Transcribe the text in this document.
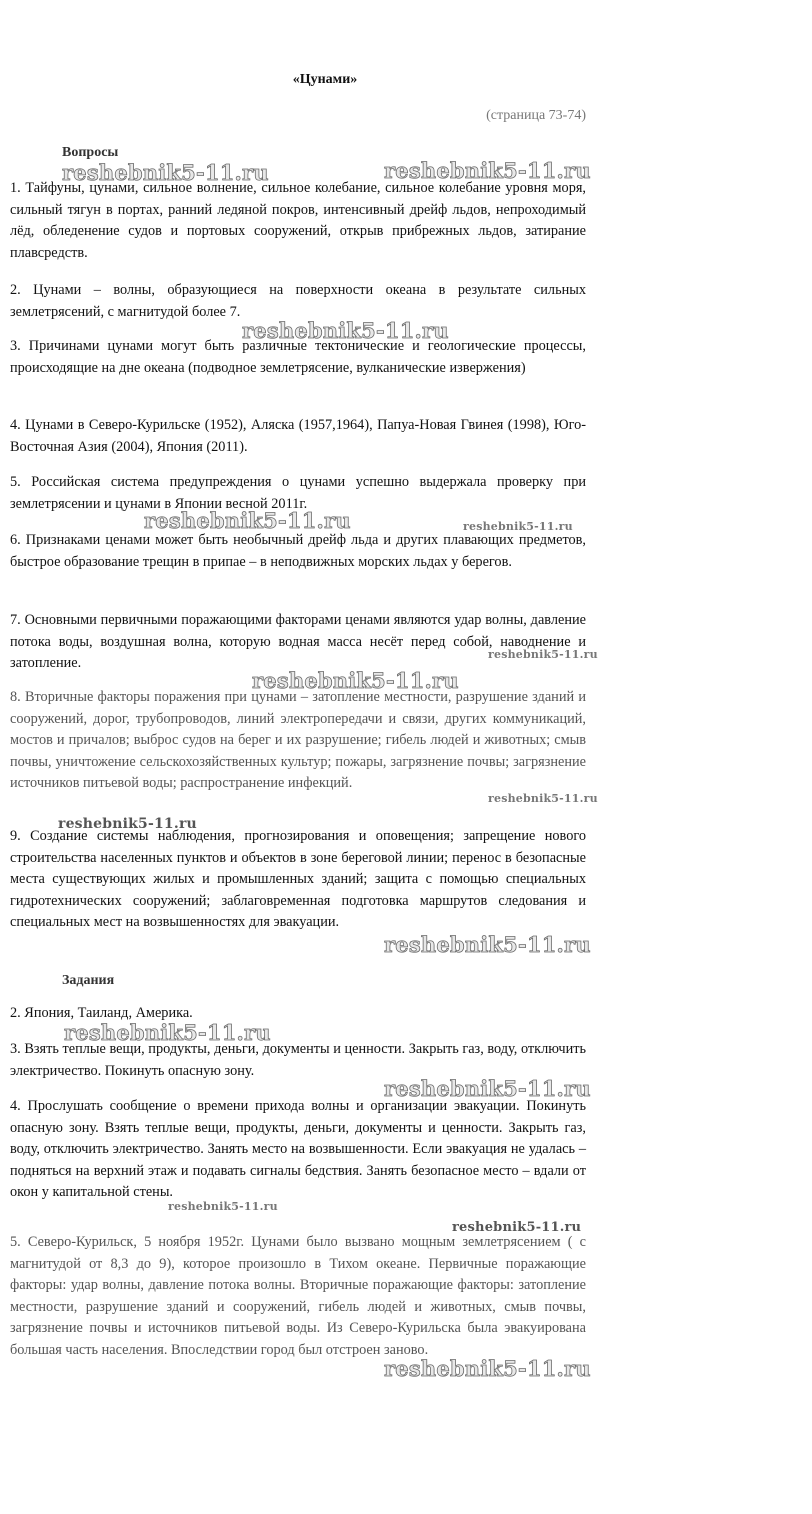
«Цунами»
(страница 73-74)
Вопросы

1. Тайфуны, цунами, сильное волнение, сильное колебание, сильное колебание уровня моря, сильный тягун в портах, ранний ледяной покров, интенсивный дрейф льдов, непроходимый лёд, обледенение судов и портовых сооружений, открыв прибрежных льдов, затирание плавсредств.

2. Цунами – волны, образующиеся на поверхности океана в результате сильных землетрясений, с магнитудой более 7.

3. Причинами цунами могут быть различные тектонические и геологические процессы, происходящие на дне океана (подводное землетрясение, вулканические извержения)

4. Цунами в Северо-Курильске (1952), Аляска (1957,1964), Папуа-Новая Гвинея (1998), Юго-Восточная Азия (2004), Япония (2011).

5. Российская система предупреждения о цунами успешно выдержала проверку при землетрясении и цунами в Японии весной 2011г.

6. Признаками ценами может быть необычный дрейф льда и других плавающих предметов, быстрое образование трещин в припае – в неподвижных морских льдах у берегов.

7. Основными первичными поражающими факторами ценами являются удар волны, давление потока воды, воздушная волна, которую водная масса несёт перед собой, наводнение и затопление.

8. Вторичные факторы поражения при цунами – затопление местности, разрушение зданий и сооружений, дорог, трубопроводов, линий электропередачи и связи, других коммуникаций, мостов и причалов; выброс судов на берег и их разрушение; гибель людей и животных; смыв почвы, уничтожение сельскохозяйственных культур; пожары, загрязнение почвы; загрязнение источников питьевой воды; распространение инфекций.

9. Создание системы наблюдения, прогнозирования и оповещения; запрещение нового строительства населенных пунктов и объектов в зоне береговой линии; перенос в безопасные места существующих жилых и промышленных зданий; защита с помощью специальных гидротехнических сооружений; заблаговременная подготовка маршрутов следования и специальных мест на возвышенностях для эвакуации.

Задания

2. Япония, Таиланд, Америка.

3. Взять теплые вещи, продукты, деньги, документы и ценности. Закрыть газ, воду, отключить электричество. Покинуть опасную зону.

4. Прослушать сообщение о времени прихода волны и организации эвакуации. Покинуть опасную зону. Взять теплые вещи, продукты, деньги, документы и ценности. Закрыть газ, воду, отключить электричество. Занять место на возвышенности. Если эвакуация не удалась – подняться на верхний этаж и подавать сигналы бедствия. Занять безопасное место – вдали от окон у капитальной стены.

5. Северо-Курильск, 5 ноября 1952г. Цунами было вызвано мощным землетрясением ( с магнитудой от 8,3 до 9), которое произошло в Тихом океане. Первичные поражающие факторы: удар волны, давление потока волны. Вторичные поражающие факторы: затопление местности, разрушение зданий и сооружений, гибель людей и животных, смыв почвы, загрязнение почвы и источников питьевой воды. Из Северо-Курильска была эвакуирована большая часть населения. Впоследствии город был отстроен заново.

reshebnik5-11.ru	reshebnik5-11.ru
reshebnik5-11.ru
reshebnik5-11.ru	reshebnik5-11.ru
reshebnik5-11.ru
reshebnik5-11.ru
reshebnik5-11.ru
reshebnik5-11.ru
reshebnik5-11.ru
reshebnik5-11.ru
reshebnik5-11.ru
reshebnik5-11.ru
reshebnik5-11.ru
reshebnik5-11.ru
